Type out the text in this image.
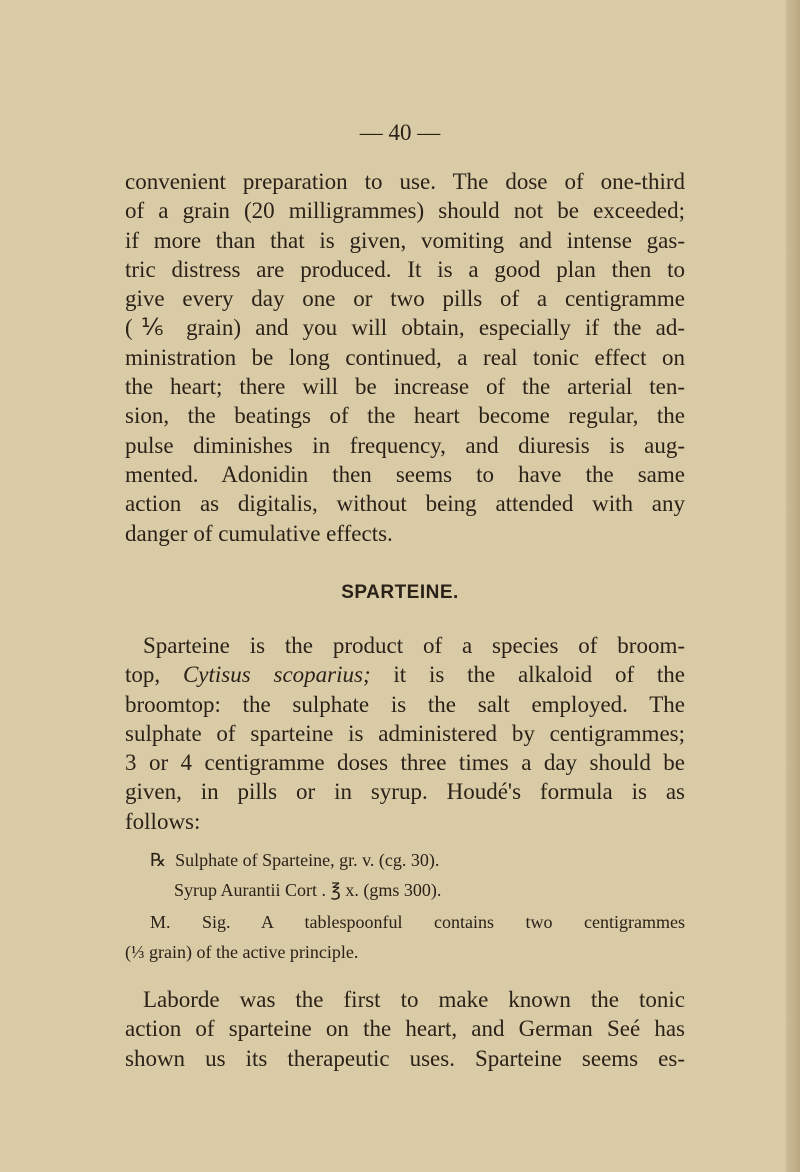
— 40 —
convenient preparation to use. The dose of one-third
of a grain (20 milligrammes) should not be exceeded;
if more than that is given, vomiting and intense gas-
tric distress are produced. It is a good plan then to
give every day one or two pills of a centigramme
(⅙ grain) and you will obtain, especially if the ad-
ministration be long continued, a real tonic effect on
the heart; there will be increase of the arterial ten-
sion, the beatings of the heart become regular, the
pulse diminishes in frequency, and diuresis is aug-
mented. Adonidin then seems to have the same
action as digitalis, without being attended with any
danger of cumulative effects.
SPARTEINE.
Sparteine is the product of a species of broom-
top, Cytisus scoparius; it is the alkaloid of the
broomtop: the sulphate is the salt employed. The
sulphate of sparteine is administered by centigrammes;
3 or 4 centigramme doses three times a day should be
given, in pills or in syrup. Houdé's formula is as
follows:
℞ Sulphate of Sparteine, gr. v. (cg. 30).
Syrup Aurantii Cort . ℥ x. (gms 300).
M. Sig. A tablespoonful contains two centigrammes
(⅓ grain) of the active principle.
Laborde was the first to make known the tonic
action of sparteine on the heart, and German Seé has
shown us its therapeutic uses. Sparteine seems es-
